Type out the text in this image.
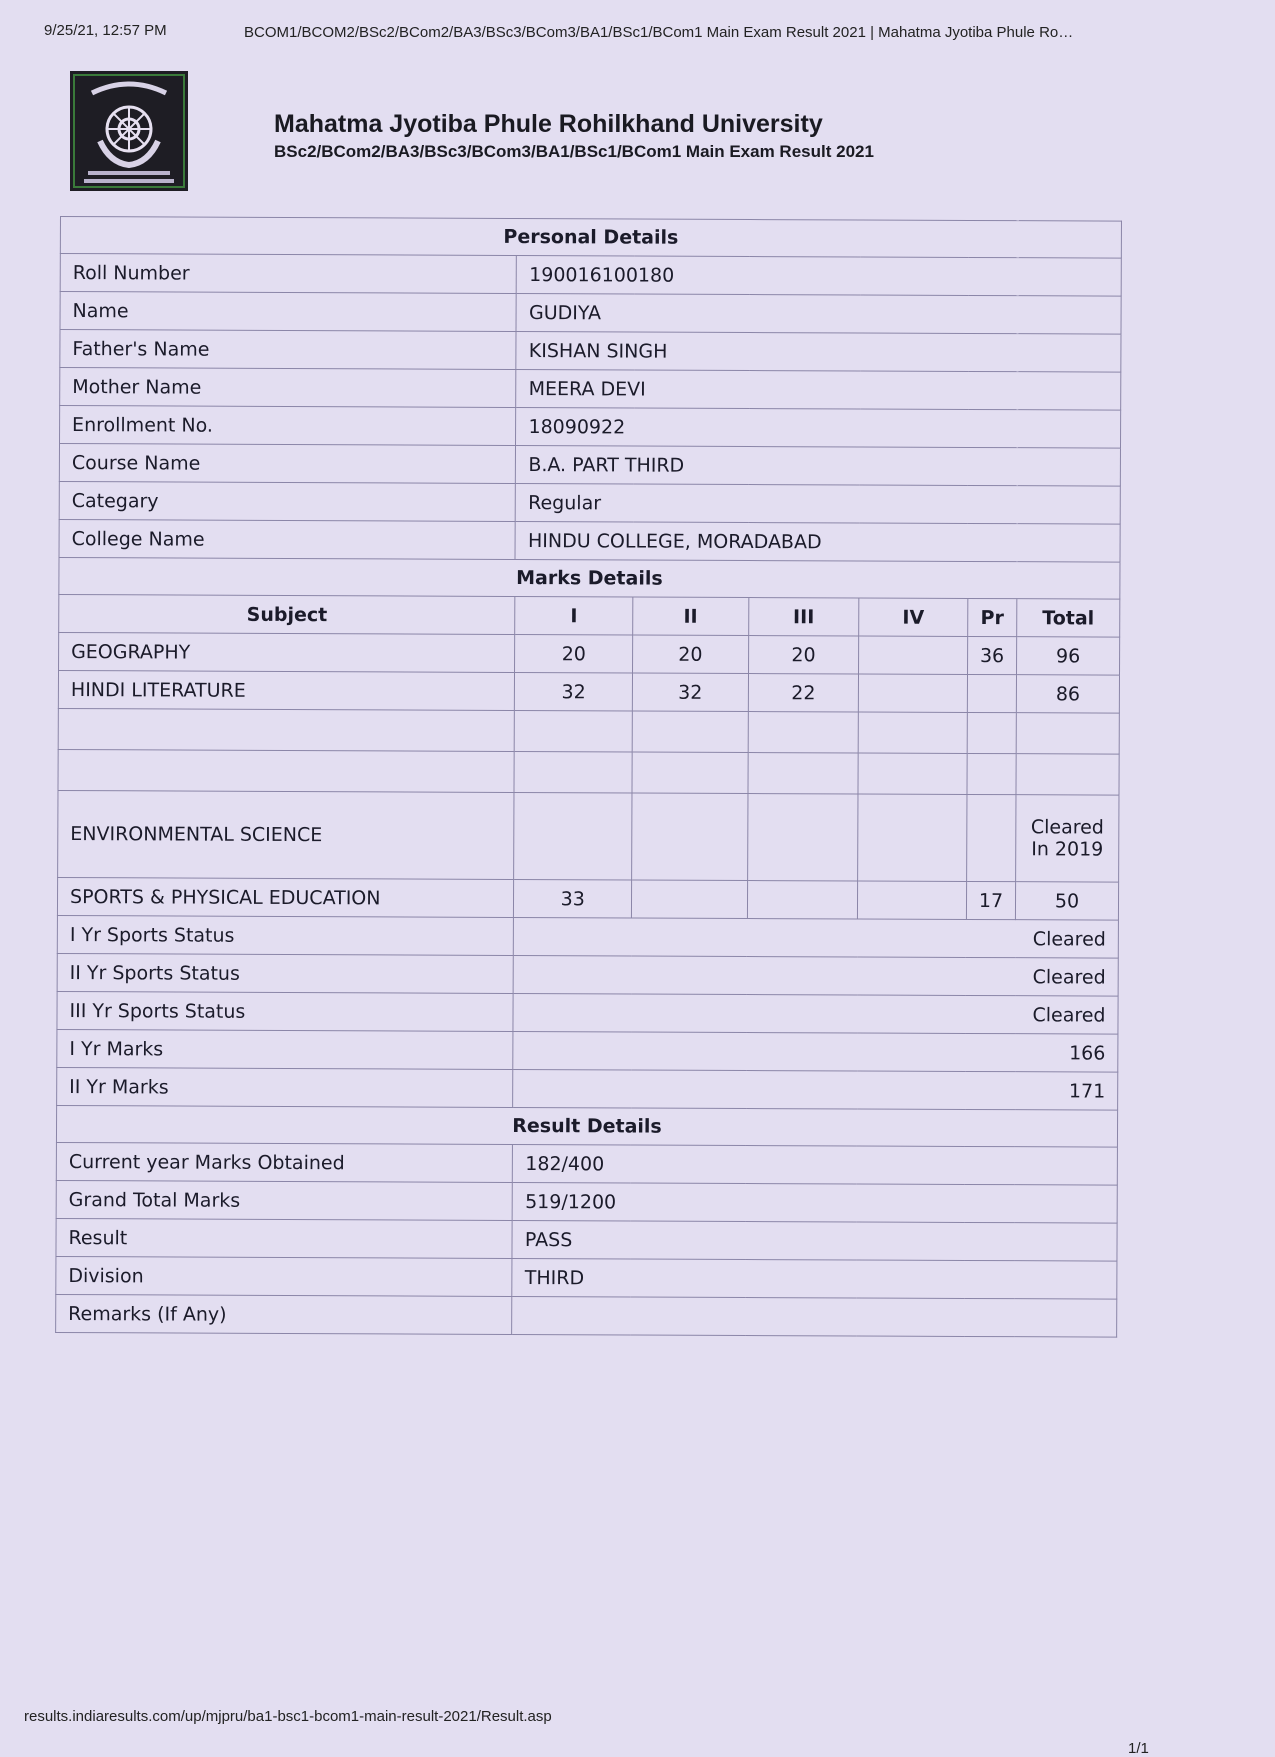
9/25/21, 12:57 PM	BCOM1/BCOM2/BSc2/BCom2/BA3/BSc3/BCom3/BA1/BSc1/BCom1 Main Exam Result 2021 | Mahatma Jyotiba Phule Ro…
Mahatma Jyotiba Phule Rohilkhand University
BSc2/BCom2/BA3/BSc3/BCom3/BA1/BSc1/BCom1 Main Exam Result 2021
Personal Details						
Roll Number	190016100180					
Name	GUDIYA					
Father's Name	KISHAN SINGH					
Mother Name	MEERA DEVI					
Enrollment No.	18090922					
Course Name	B.A. PART THIRD					
Categary	Regular					
College Name	HINDU COLLEGE, MORADABAD					
Marks Details						
Subject	I	II	III	IV	Pr	Total
GEOGRAPHY	20	20	20		36	96
HINDI LITERATURE	32	32	22			86

ENVIRONMENTAL SCIENCE						Cleared In 2019
SPORTS & PHYSICAL EDUCATION	33				17	50
I Yr Sports Status	Cleared					
II Yr Sports Status	Cleared					
III Yr Sports Status	Cleared					
I Yr Marks	166					
II Yr Marks	171					
Result Details						
Current year Marks Obtained	182/400					
Grand Total Marks	519/1200					
Result	PASS					
Division	THIRD					
Remarks (If Any)						
results.indiaresults.com/up/mjpru/ba1-bsc1-bcom1-main-result-2021/Result.asp
1/1
